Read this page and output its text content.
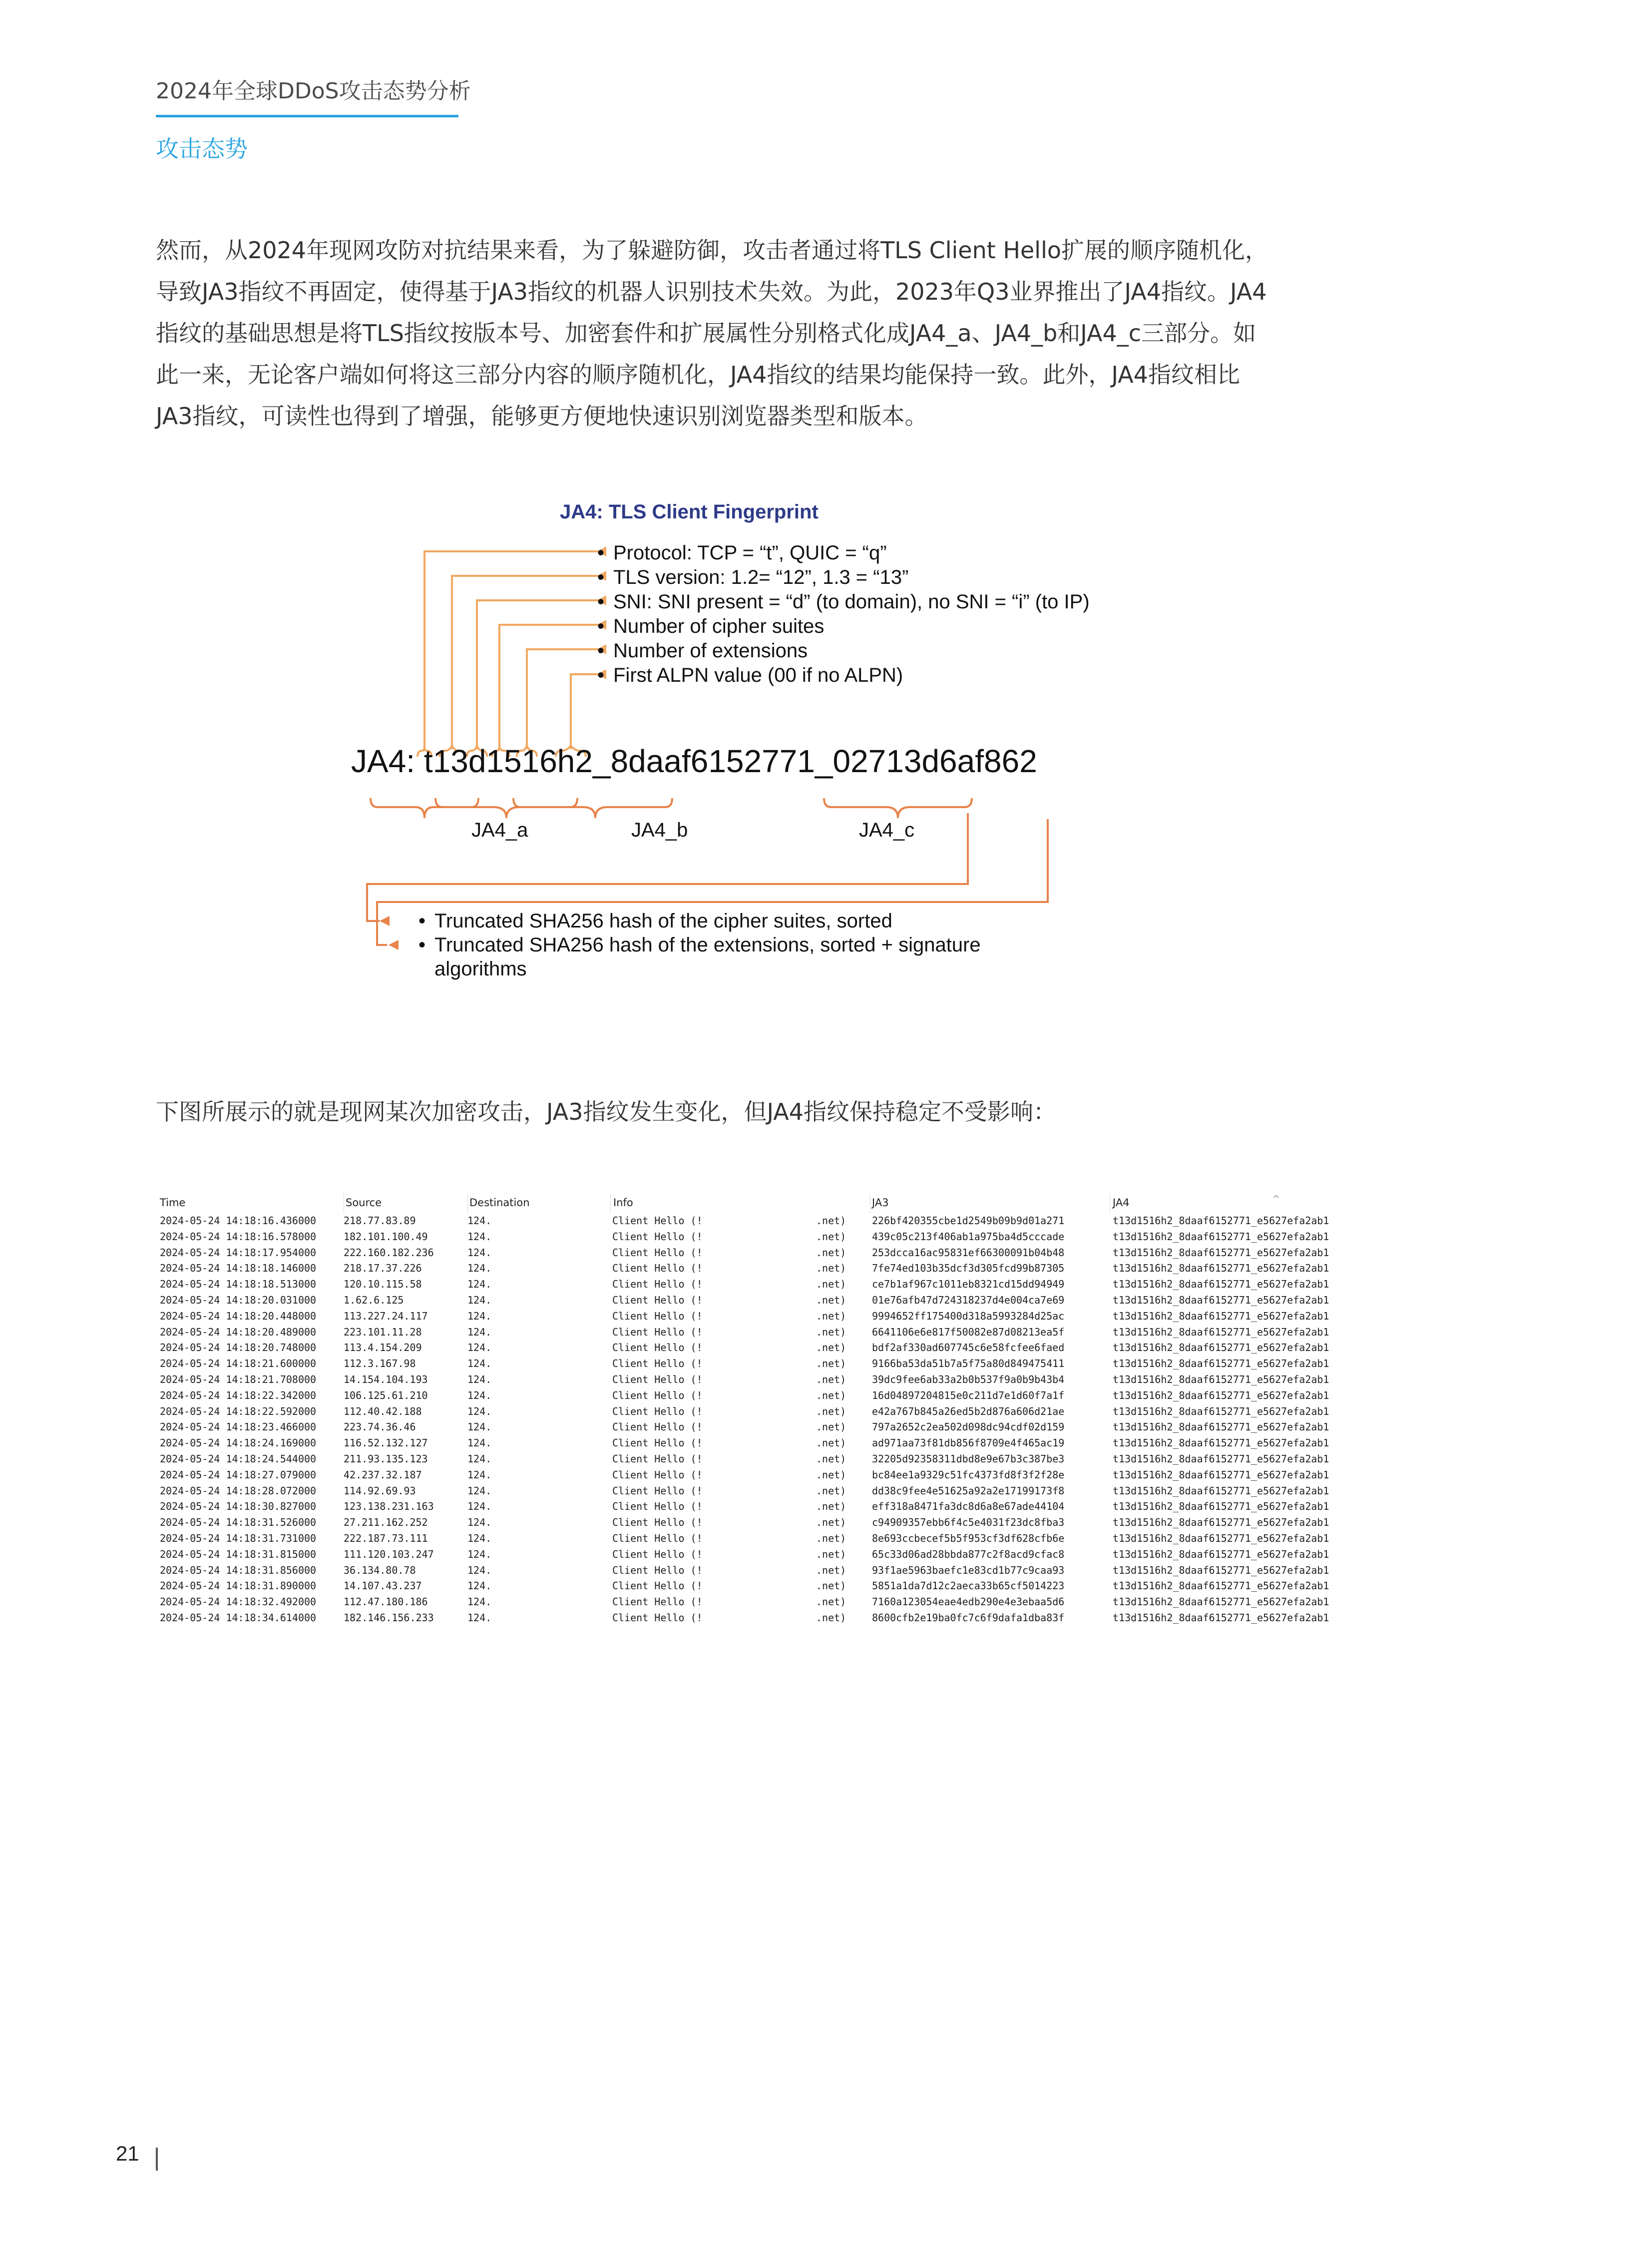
2024年全球DDoS攻击态势分析
攻击态势

然而，从2024年现网攻防对抗结果来看，为了躲避防御，攻击者通过将TLS Client Hello扩展的顺序随机化，

导致JA3指纹不再固定，使得基于JA3指纹的机器人识别技术失效。为此，2023年Q3业界推出了JA4指纹。JA4

指纹的基础思想是将TLS指纹按版本号、加密套件和扩展属性分别格式化成JA4_a、JA4_b和JA4_c三部分。如

此一来，无论客户端如何将这三部分内容的顺序随机化，JA4指纹的结果均能保持一致。此外，JA4指纹相比

JA3指纹，可读性也得到了增强，能够更方便地快速识别浏览器类型和版本。

JA4: TLS Client Fingerprint
• Protocol: TCP = “t”, QUIC = “q”
• TLS version: 1.2= “12”, 1.3 = “13”
• SNI: SNI present = “d” (to domain), no SNI = “i” (to IP)
• Number of cipher suites
• Number of extensions
• First ALPN value (00 if no ALPN)
JA4: t13d1516h2_8daaf6152771_02713d6af862
JA4_a	JA4_b	JA4_c
• Truncated SHA256 hash of the cipher suites, sorted
• Truncated SHA256 hash of the extensions, sorted + signature
algorithms
下图所展示的就是现网某次加密攻击，JA3指纹发生变化，但JA4指纹保持稳定不受影响：
Time	Source	Destination	Info	JA3	JA4
2024-05-24 14:18:16.436000	218.77.83.89	124.	Client Hello (!	.net)	226bf420355cbe1d2549b09b9d01a271	t13d1516h2_8daaf6152771_e5627efa2ab1
2024-05-24 14:18:16.578000	182.101.100.49	124.	Client Hello (!	.net)	439c05c213f406ab1a975ba4d5cccade	t13d1516h2_8daaf6152771_e5627efa2ab1
2024-05-24 14:18:17.954000	222.160.182.236	124.	Client Hello (!	.net)	253dcca16ac95831ef66300091b04b48	t13d1516h2_8daaf6152771_e5627efa2ab1
2024-05-24 14:18:18.146000	218.17.37.226	124.	Client Hello (!	.net)	7fe74ed103b35dcf3d305fcd99b87305	t13d1516h2_8daaf6152771_e5627efa2ab1
2024-05-24 14:18:18.513000	120.10.115.58	124.	Client Hello (!	.net)	ce7b1af967c1011eb8321cd15dd94949	t13d1516h2_8daaf6152771_e5627efa2ab1
2024-05-24 14:18:20.031000	1.62.6.125	124.	Client Hello (!	.net)	01e76afb47d724318237d4e004ca7e69	t13d1516h2_8daaf6152771_e5627efa2ab1
2024-05-24 14:18:20.448000	113.227.24.117	124.	Client Hello (!	.net)	9994652ff175400d318a5993284d25ac	t13d1516h2_8daaf6152771_e5627efa2ab1
2024-05-24 14:18:20.489000	223.101.11.28	124.	Client Hello (!	.net)	6641106e6e817f50082e87d08213ea5f	t13d1516h2_8daaf6152771_e5627efa2ab1
2024-05-24 14:18:20.748000	113.4.154.209	124.	Client Hello (!	.net)	bdf2af330ad607745c6e58fcfee6faed	t13d1516h2_8daaf6152771_e5627efa2ab1
2024-05-24 14:18:21.600000	112.3.167.98	124.	Client Hello (!	.net)	9166ba53da51b7a5f75a80d849475411	t13d1516h2_8daaf6152771_e5627efa2ab1
2024-05-24 14:18:21.708000	14.154.104.193	124.	Client Hello (!	.net)	39dc9fee6ab33a2b0b537f9a0b9b43b4	t13d1516h2_8daaf6152771_e5627efa2ab1
2024-05-24 14:18:22.342000	106.125.61.210	124.	Client Hello (!	.net)	16d04897204815e0c211d7e1d60f7a1f	t13d1516h2_8daaf6152771_e5627efa2ab1
2024-05-24 14:18:22.592000	112.40.42.188	124.	Client Hello (!	.net)	e42a767b845a26ed5b2d876a606d21ae	t13d1516h2_8daaf6152771_e5627efa2ab1
2024-05-24 14:18:23.466000	223.74.36.46	124.	Client Hello (!	.net)	797a2652c2ea502d098dc94cdf02d159	t13d1516h2_8daaf6152771_e5627efa2ab1
2024-05-24 14:18:24.169000	116.52.132.127	124.	Client Hello (!	.net)	ad971aa73f81db856f8709e4f465ac19	t13d1516h2_8daaf6152771_e5627efa2ab1
2024-05-24 14:18:24.544000	211.93.135.123	124.	Client Hello (!	.net)	32205d92358311dbd8e9e67b3c387be3	t13d1516h2_8daaf6152771_e5627efa2ab1
2024-05-24 14:18:27.079000	42.237.32.187	124.	Client Hello (!	.net)	bc84ee1a9329c51fc4373fd8f3f2f28e	t13d1516h2_8daaf6152771_e5627efa2ab1
2024-05-24 14:18:28.072000	114.92.69.93	124.	Client Hello (!	.net)	dd38c9fee4e51625a92a2e17199173f8	t13d1516h2_8daaf6152771_e5627efa2ab1
2024-05-24 14:18:30.827000	123.138.231.163	124.	Client Hello (!	.net)	eff318a8471fa3dc8d6a8e67ade44104	t13d1516h2_8daaf6152771_e5627efa2ab1
2024-05-24 14:18:31.526000	27.211.162.252	124.	Client Hello (!	.net)	c94909357ebb6f4c5e4031f23dc8fba3	t13d1516h2_8daaf6152771_e5627efa2ab1
2024-05-24 14:18:31.731000	222.187.73.111	124.	Client Hello (!	.net)	8e693ccbecef5b5f953cf3df628cfb6e	t13d1516h2_8daaf6152771_e5627efa2ab1
2024-05-24 14:18:31.815000	111.120.103.247	124.	Client Hello (!	.net)	65c33d06ad28bbda877c2f8acd9cfac8	t13d1516h2_8daaf6152771_e5627efa2ab1
2024-05-24 14:18:31.856000	36.134.80.78	124.	Client Hello (!	.net)	93f1ae5963baefc1e83cd1b77c9caa93	t13d1516h2_8daaf6152771_e5627efa2ab1
2024-05-24 14:18:31.890000	14.107.43.237	124.	Client Hello (!	.net)	5851a1da7d12c2aeca33b65cf5014223	t13d1516h2_8daaf6152771_e5627efa2ab1
2024-05-24 14:18:32.492000	112.47.180.186	124.	Client Hello (!	.net)	7160a123054eae4edb290e4e3ebaa5d6	t13d1516h2_8daaf6152771_e5627efa2ab1
2024-05-24 14:18:34.614000	182.146.156.233	124.	Client Hello (!	.net)	8600cfb2e19ba0fc7c6f9dafa1dba83f	t13d1516h2_8daaf6152771_e5627efa2ab1
^
21
